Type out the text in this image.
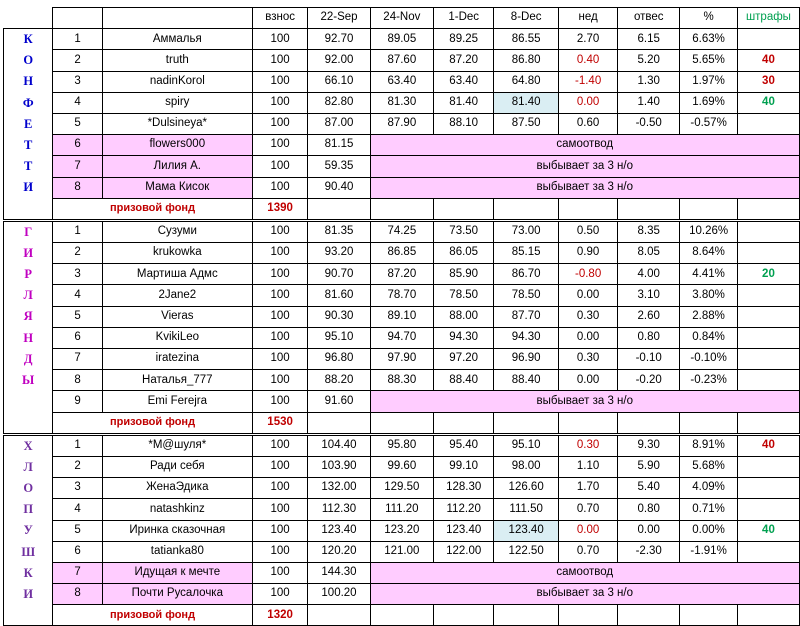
			взнос	22-Sep	24-Nov	1-Dec	8-Dec	нед	отвес	%	штрафы
К	1	Аммалья	100	92.70	89.05	89.25	86.55	2.70	6.15	6.63%	
О	2	truth	100	92.00	87.60	87.20	86.80	0.40	5.20	5.65%	40
Н	3	nadinKorol	100	66.10	63.40	63.40	64.80	-1.40	1.30	1.97%	30
Ф	4	spiry	100	82.80	81.30	81.40	81.40	0.00	1.40	1.69%	40
Е	5	*Dulsineya*	100	87.00	87.90	88.10	87.50	0.60	-0.50	-0.57%	
Т	6	flowers000	100	81.15	самоотвод						
Т	7	Лилия А.	100	59.35	выбывает за 3 н/о						
И	8	Мама Кисок	100	90.40	выбывает за 3 н/о						
	призовой фонд		1390								
Г	1	Сузуми	100	81.35	74.25	73.50	73.00	0.50	8.35	10.26%	
И	2	krukowka	100	93.20	86.85	86.05	85.15	0.90	8.05	8.64%	
Р	3	Мартиша Адмс	100	90.70	87.20	85.90	86.70	-0.80	4.00	4.41%	20
Л	4	2Jane2	100	81.60	78.70	78.50	78.50	0.00	3.10	3.80%	
Я	5	Vieras	100	90.30	89.10	88.00	87.70	0.30	2.60	2.88%	
Н	6	KvikiLeo	100	95.10	94.70	94.30	94.30	0.00	0.80	0.84%	
Д	7	iratezina	100	96.80	97.90	97.20	96.90	0.30	-0.10	-0.10%	
Ы	8	Наталья_777	100	88.20	88.30	88.40	88.40	0.00	-0.20	-0.23%	
	9	Emi Ferejra	100	91.60	выбывает за 3 н/о						
	призовой фонд		1530								
Х	1	*М@шуля*	100	104.40	95.80	95.40	95.10	0.30	9.30	8.91%	40
Л	2	Ради себя	100	103.90	99.60	99.10	98.00	1.10	5.90	5.68%	
О	3	ЖенаЭдика	100	132.00	129.50	128.30	126.60	1.70	5.40	4.09%	
П	4	natashkinz	100	112.30	111.20	112.20	111.50	0.70	0.80	0.71%	
У	5	Иринка сказочная	100	123.40	123.20	123.40	123.40	0.00	0.00	0.00%	40
Ш	6	tatianka80	100	120.20	121.00	122.00	122.50	0.70	-2.30	-1.91%	
К	7	Идущая к мечте	100	144.30	самоотвод						
И	8	Почти Русалочка	100	100.20	выбывает за 3 н/о						
	призовой фонд		1320								
